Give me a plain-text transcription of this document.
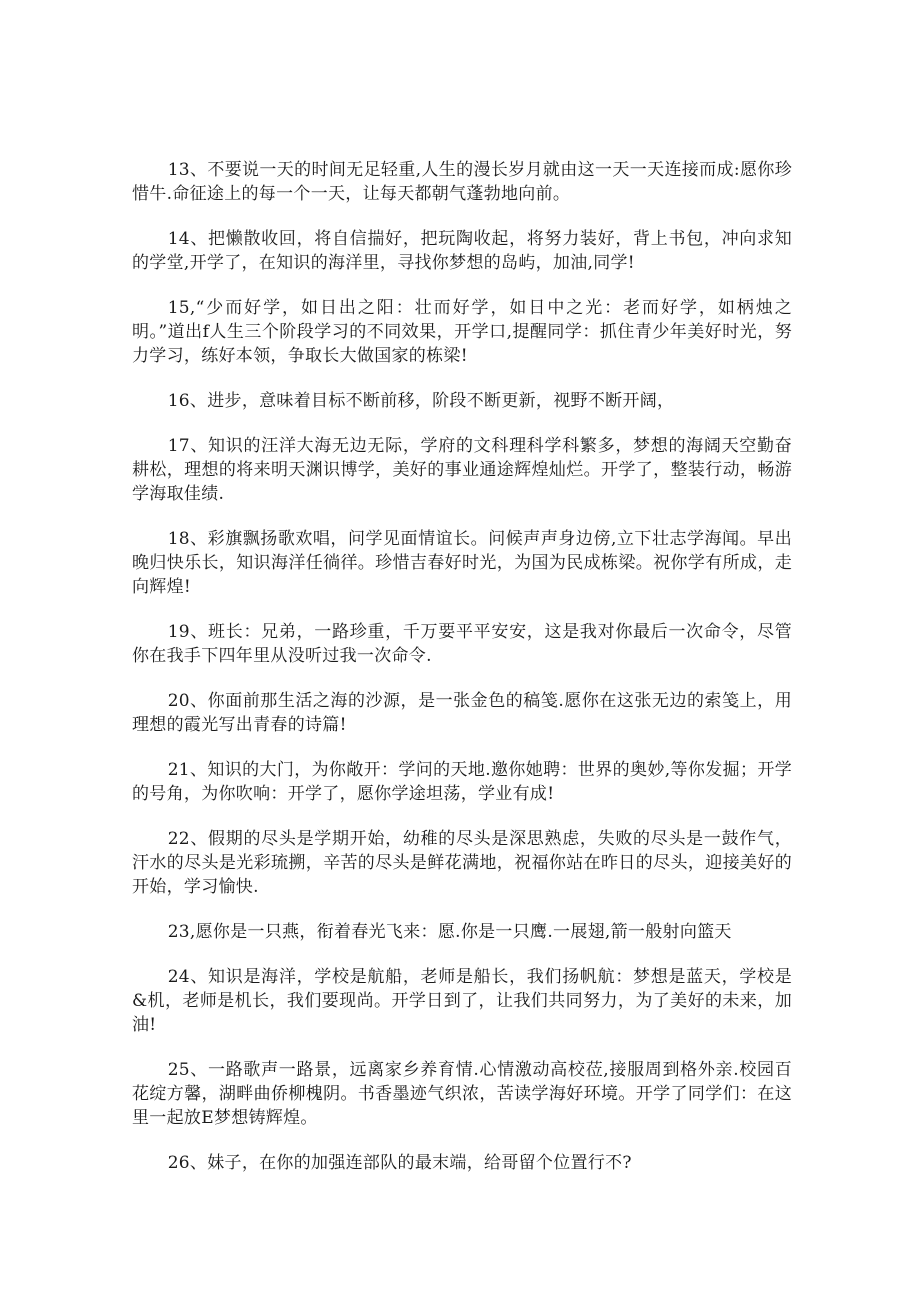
13、不要说一天的时间无足轻重,人生的漫长岁月就由这一天一天连接而成:愿你珍惜牛.命征途上的每一个一天，让每天都朝气蓬勃地向前。

14、把懒散收回，将自信揣好，把玩陶收起，将努力装好，背上书包，冲向求知的学堂,开学了，在知识的海洋里，寻找你梦想的岛屿，加油,同学!

15,“少而好学，如日出之阳：壮而好学，如日中之光：老而好学，如柄烛之明。”道出f人生三个阶段学习的不同效果，开学口,提醒同学：抓住青少年美好时光，努力学习，练好本领，争取长大做国家的栋梁!

16、进步，意味着目标不断前移，阶段不断更新，视野不断开阔，

17、知识的汪洋大海无边无际，学府的文科理科学科繁多，梦想的海阔天空勤奋耕松，理想的将来明天渊识博学，美好的事业通途辉煌灿烂。开学了，整装行动，畅游学海取佳绩.

18、彩旗飘扬歌欢唱，问学见面情谊长。问候声声身边傍,立下壮志学海闻。早出晚归快乐长，知识海洋任徜徉。珍惜吉春好时光，为国为民成栋梁。祝你学有所成，走向辉煌!

19、班长：兄弟，一路珍重，千万要平平安安，这是我对你最后一次命令，尽管你在我手下四年里从没听过我一次命令.

20、你面前那生活之海的沙源，是一张金色的稿笺.愿你在这张无边的索笺上，用理想的霞光写出青春的诗篇!

21、知识的大门，为你敞开：学问的天地.邀你她聘：世界的奥妙,等你发掘；开学的号角，为你吹响：开学了，愿你学途坦荡，学业有成!

22、假期的尽头是学期开始，幼稚的尽头是深思熟虑，失败的尽头是一鼓作气，汗水的尽头是光彩琉搠，辛苦的尽头是鲜花满地，祝福你站在昨日的尽头，迎接美好的开始，学习愉快.

23,愿你是一只燕，衔着春光飞来：愿.你是一只鹰.一展翅,箭一般射向篮天

24、知识是海洋，学校是航船，老师是船长，我们扬帆航：梦想是蓝天，学校是&机，老师是机长，我们要现尚。开学日到了，让我们共同努力，为了美好的未来，加油!

25、一路歌声一路景，远离家乡养育情.心情激动高校莅,接服周到格外亲.校园百花绽方馨，湖畔曲侨柳槐阴。书香墨迹气织浓，苦读学海好环境。开学了同学们：在这里一起放E梦想铸辉煌。

26、妹子，在你的加强连部队的最末端，给哥留个位置行不?
